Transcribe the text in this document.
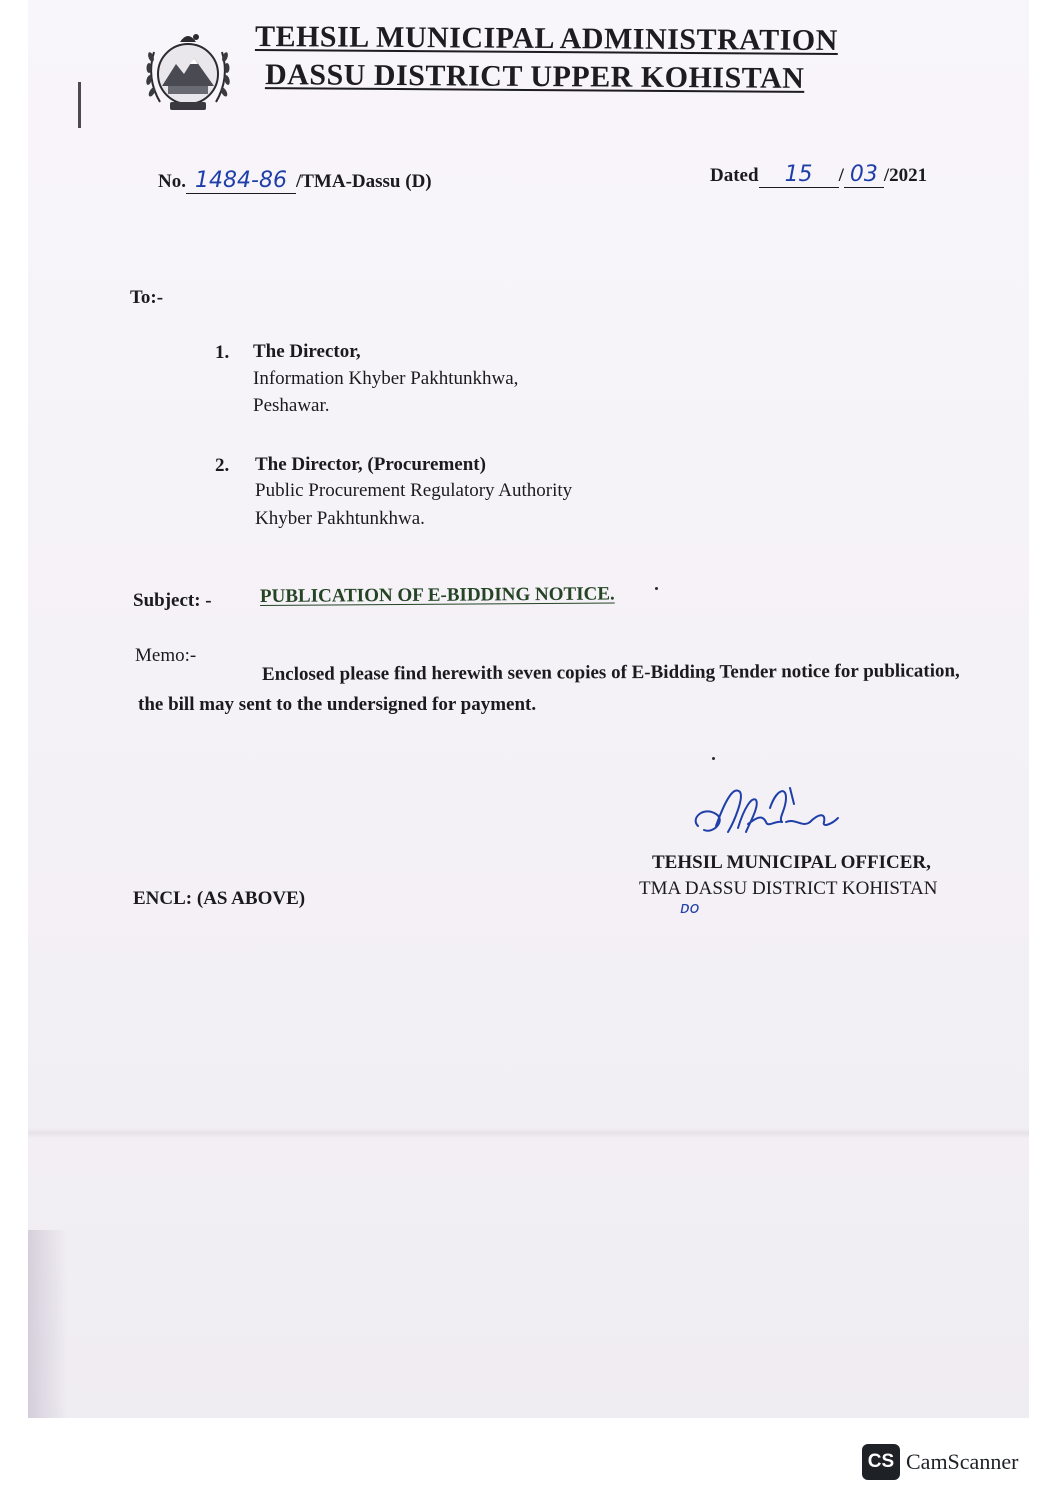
TEHSIL MUNICIPAL ADMINISTRATION
DASSU DISTRICT UPPER KOHISTAN
No. 1484-86 /TMA-Dassu (D)	Dated 15 / 03 /2021
To:-
1. The Director,
Information Khyber Pakhtunkhwa,
Peshawar.
2. The Director, (Procurement)
Public Procurement Regulatory Authority
Khyber Pakhtunkhwa.
Subject: -	PUBLICATION OF E-BIDDING NOTICE.
Memo:-
Enclosed please find herewith seven copies of E-Bidding Tender notice for publication,
the bill may sent to the undersigned for payment.
TEHSIL MUNICIPAL OFFICER,
TMA DASSU DISTRICT KOHISTAN
ᴅᴏ
ENCL: (AS ABOVE)
CS CamScanner
